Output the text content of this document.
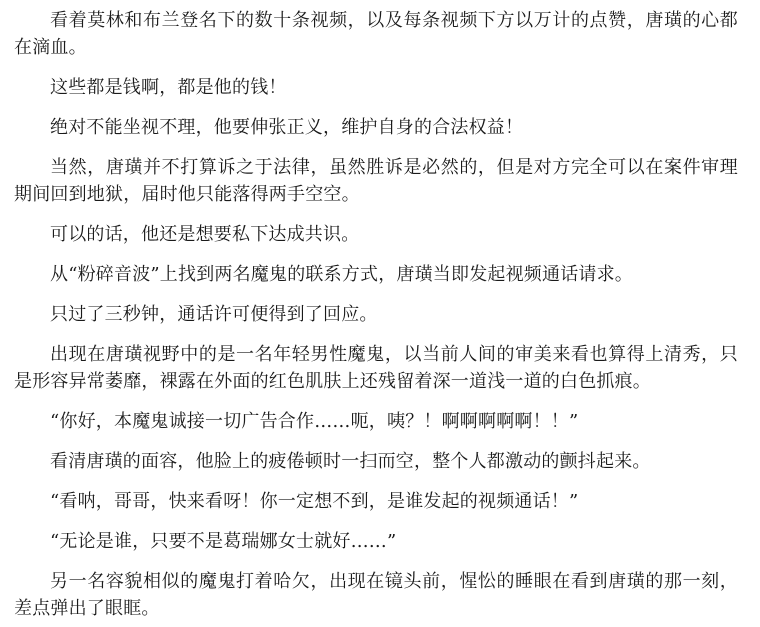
看着莫林和布兰登名下的数十条视频，以及每条视频下方以万计的点赞，唐璜的心都在滴血。

这些都是钱啊，都是他的钱！

绝对不能坐视不理，他要伸张正义，维护自身的合法权益！

当然，唐璜并不打算诉之于法律，虽然胜诉是必然的，但是对方完全可以在案件审理期间回到地狱，届时他只能落得两手空空。

可以的话，他还是想要私下达成共识。

从“粉碎音波”上找到两名魔鬼的联系方式，唐璜当即发起视频通话请求。

只过了三秒钟，通话许可便得到了回应。

出现在唐璜视野中的是一名年轻男性魔鬼，以当前人间的审美来看也算得上清秀，只是形容异常萎靡，裸露在外面的红色肌肤上还残留着深一道浅一道的白色抓痕。

“你好，本魔鬼诚接一切广告合作……呃，咦？！啊啊啊啊啊！！”

看清唐璜的面容，他脸上的疲倦顿时一扫而空，整个人都激动的颤抖起来。

“看呐，哥哥，快来看呀！你一定想不到，是谁发起的视频通话！”

“无论是谁，只要不是葛瑞娜女士就好……”

另一名容貌相似的魔鬼打着哈欠，出现在镜头前，惺忪的睡眼在看到唐璜的那一刻，差点弹出了眼眶。
